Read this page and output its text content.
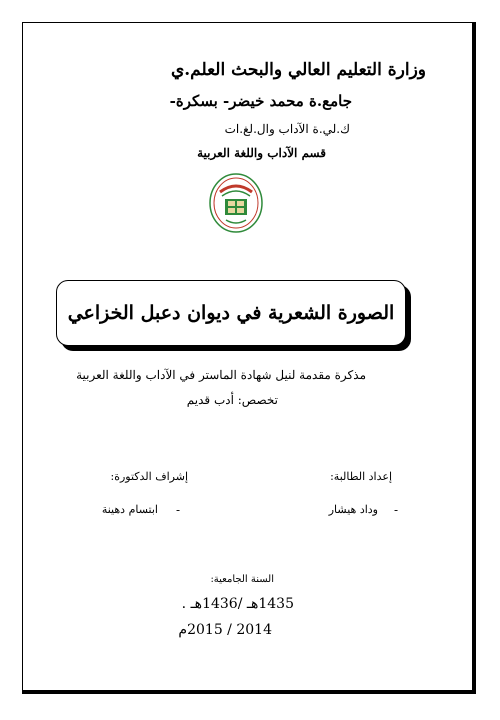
وزارة التعليم العالي والبحث العلم.ي
جامع.ة محمد خيضر- بسكرة-
ك.لي.ة الآداب وال.لغ.ات
قسم الآداب واللغة العربية
الصورة الشعرية في ديوان دعبل الخزاعي
مذكرة مقدمة لنيل شهادة الماستر في الآداب واللغة العربية
تخصص: أدب قديم
إعداد الطالبة:
إشراف الدكتورة:
-
وداد هيشار
-
ابتسام دهينة
السنة الجامعية:
1435هـ /1436هـ .
2014 / 2015م
